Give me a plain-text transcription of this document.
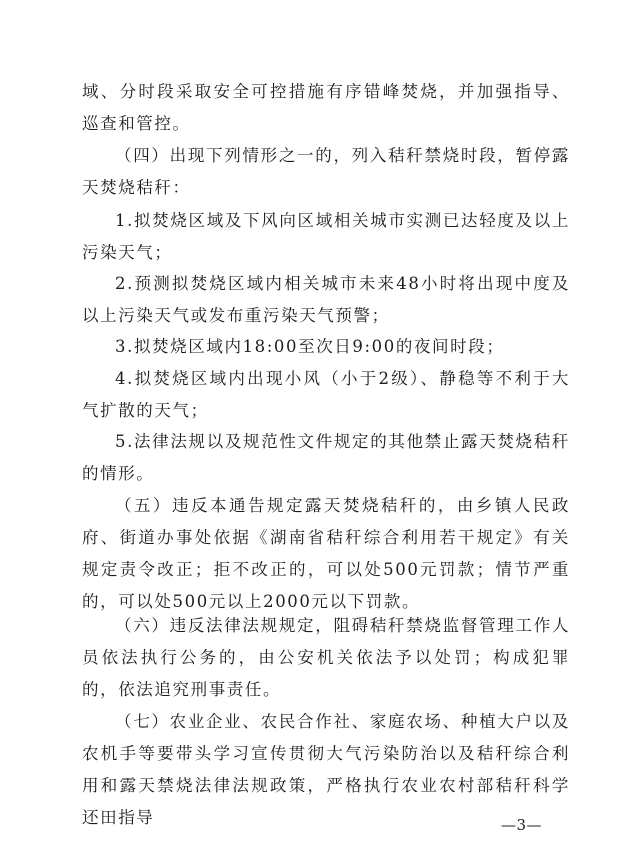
域、分时段采取安全可控措施有序错峰焚烧，并加强指导、巡查和管控。

（四）出现下列情形之一的，列入秸秆禁烧时段，暂停露天焚烧秸秆：

1.拟焚烧区域及下风向区域相关城市实测已达轻度及以上污染天气；

2.预测拟焚烧区域内相关城市未来48小时将出现中度及以上污染天气或发布重污染天气预警；

3.拟焚烧区域内18:00至次日9:00的夜间时段；

4.拟焚烧区域内出现小风（小于2级）、静稳等不利于大气扩散的天气；

5.法律法规以及规范性文件规定的其他禁止露天焚烧秸秆的情形。

（五）违反本通告规定露天焚烧秸秆的，由乡镇人民政府、街道办事处依据《湖南省秸秆综合利用若干规定》有关规定责令改正；拒不改正的，可以处500元罚款；情节严重的，可以处500元以上2000元以下罚款。

（六）违反法律法规规定，阻碍秸秆禁烧监督管理工作人员依法执行公务的，由公安机关依法予以处罚；构成犯罪的，依法追究刑事责任。

（七）农业企业、农民合作社、家庭农场、种植大户以及农机手等要带头学习宣传贯彻大气污染防治以及秸秆综合利用和露天禁烧法律法规政策，严格执行农业农村部秸秆科学还田指导	—3—
